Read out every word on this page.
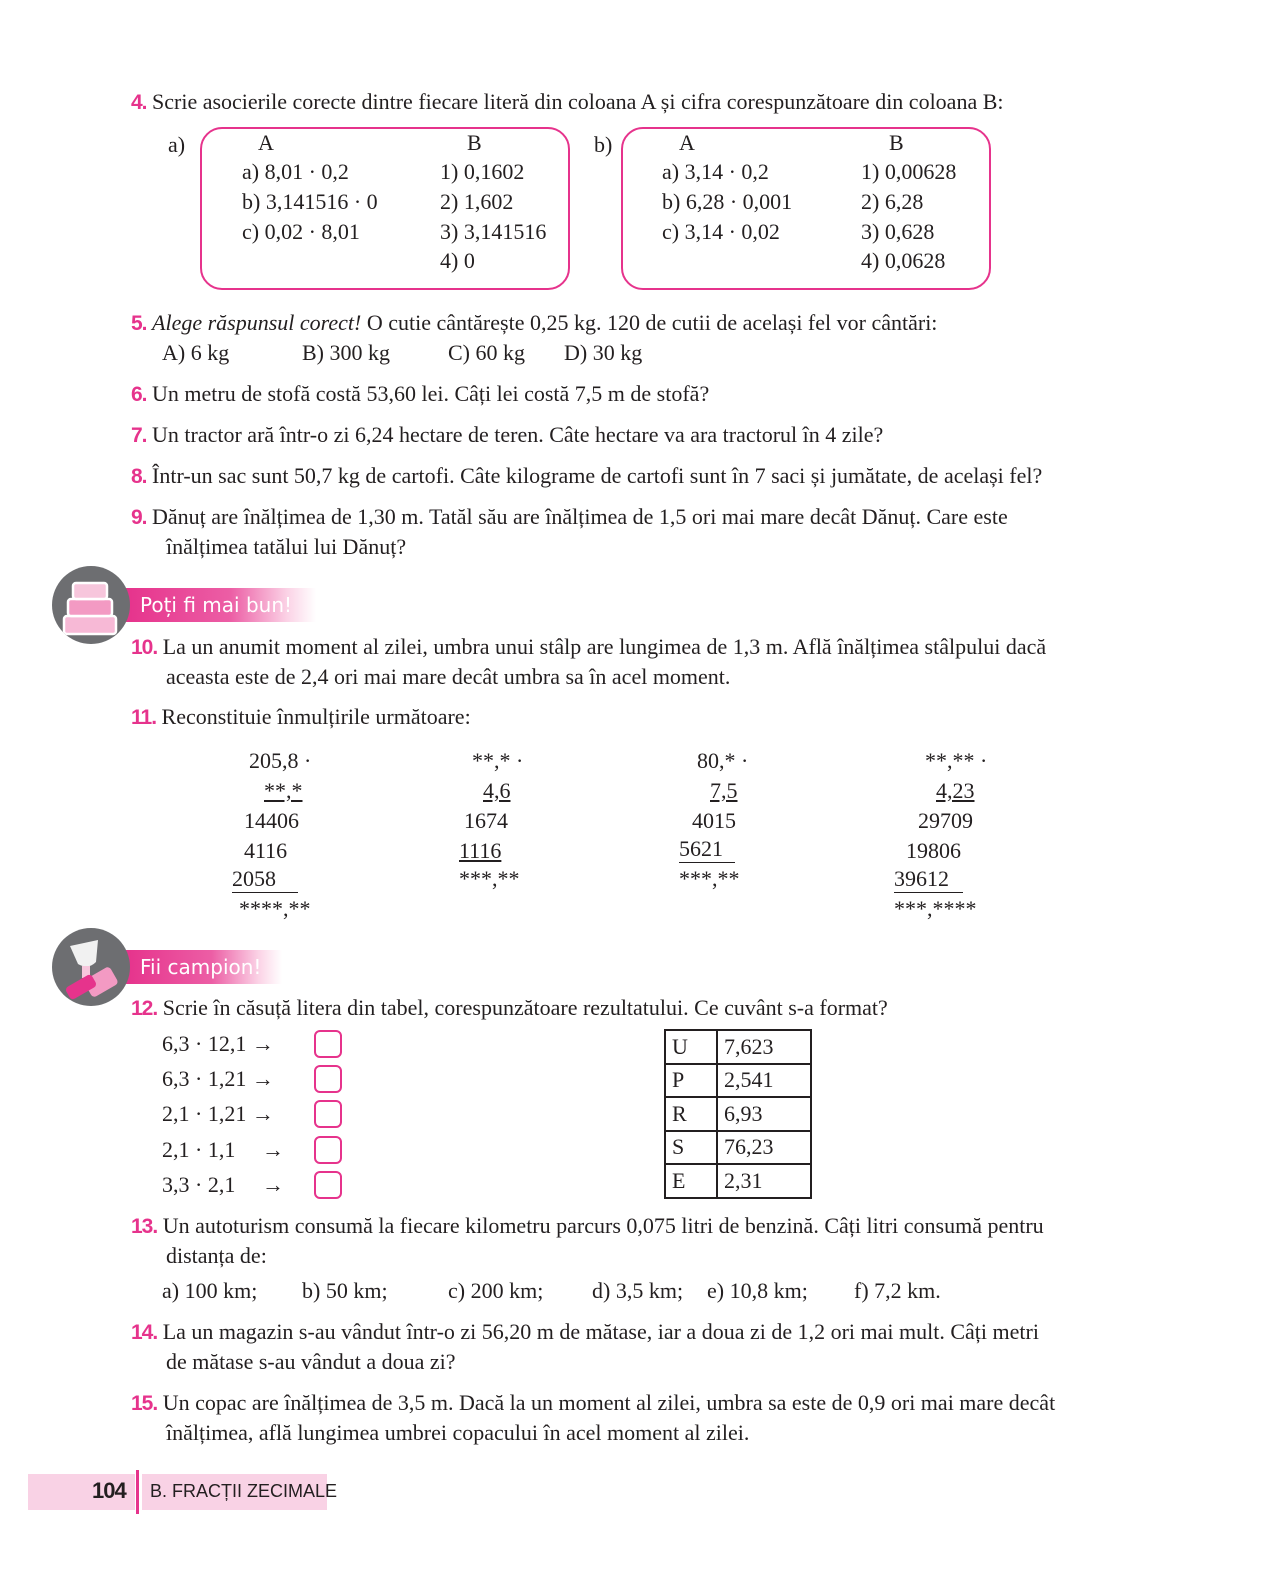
4. Scrie asocierile corecte dintre fiecare literă din coloana A și cifra corespunzătoare din coloana B:
a)	A	B
a) 8,01 · 0,2
b) 3,141516 · 0
c) 0,02 · 8,01
1) 0,1602
2) 1,602
3) 3,141516
4) 0
b)	A	B
a) 3,14 · 0,2
b) 6,28 · 0,001
c) 3,14 · 0,02
1) 0,00628
2) 6,28
3) 0,628
4) 0,0628
5. Alege răspunsul corect! O cutie cântărește 0,25 kg. 120 de cutii de același fel vor cântări:
A) 6 kg	B) 300 kg	C) 60 kg D) 30 kg
6. Un metru de stofă costă 53,60 lei. Câți lei costă 7,5 m de stofă?
7. Un tractor ară într-o zi 6,24 hectare de teren. Câte hectare va ara tractorul în 4 zile?
8. Într-un sac sunt 50,7 kg de cartofi. Câte kilograme de cartofi sunt în 7 saci și jumătate, de același fel?
9. Dănuț are înălțimea de 1,30 m. Tatăl său are înălțimea de 1,5 ori mai mare decât Dănuț. Care este
înălțimea tatălui lui Dănuț?
Poți fi mai bun!
10. La un anumit moment al zilei, umbra unui stâlp are lungimea de 1,3 m. Află înălțimea stâlpului dacă
aceasta este de 2,4 ori mai mare decât umbra sa în acel moment.
11. Reconstituie înmulțirile următoare:
205,8 ·
**,*
14406
4116
2058
****,**
**,* ·
4,6
1674
1116
***,**
80,* ·
7,5
4015
5621
***,**
**,** ·
4,23
29709
19806
39612
***,****
Fii campion!
12. Scrie în căsuță litera din tabel, corespunzătoare rezultatului. Ce cuvânt s-a format?
6,3 · 12,1 →
6,3 · 1,21 →
2,1 · 1,21 →
2,1 · 1,1 →
3,3 · 2,1 →
U	7,623
P	2,541
R	6,93
S	76,23
E	2,31
13. Un autoturism consumă la fiecare kilometru parcurs 0,075 litri de benzină. Câți litri consumă pentru
distanța de:
a) 100 km; b) 50 km;	c) 200 km; d) 3,5 km; e) 10,8 km; f) 7,2 km.
14. La un magazin s-au vândut într-o zi 56,20 m de mătase, iar a doua zi de 1,2 ori mai mult. Câți metri
de mătase s-au vândut a doua zi?
15. Un copac are înălțimea de 3,5 m. Dacă la un moment al zilei, umbra sa este de 0,9 ori mai mare decât
înălțimea, află lungimea umbrei copacului în acel moment al zilei.
104 B. FRACȚII ZECIMALE
